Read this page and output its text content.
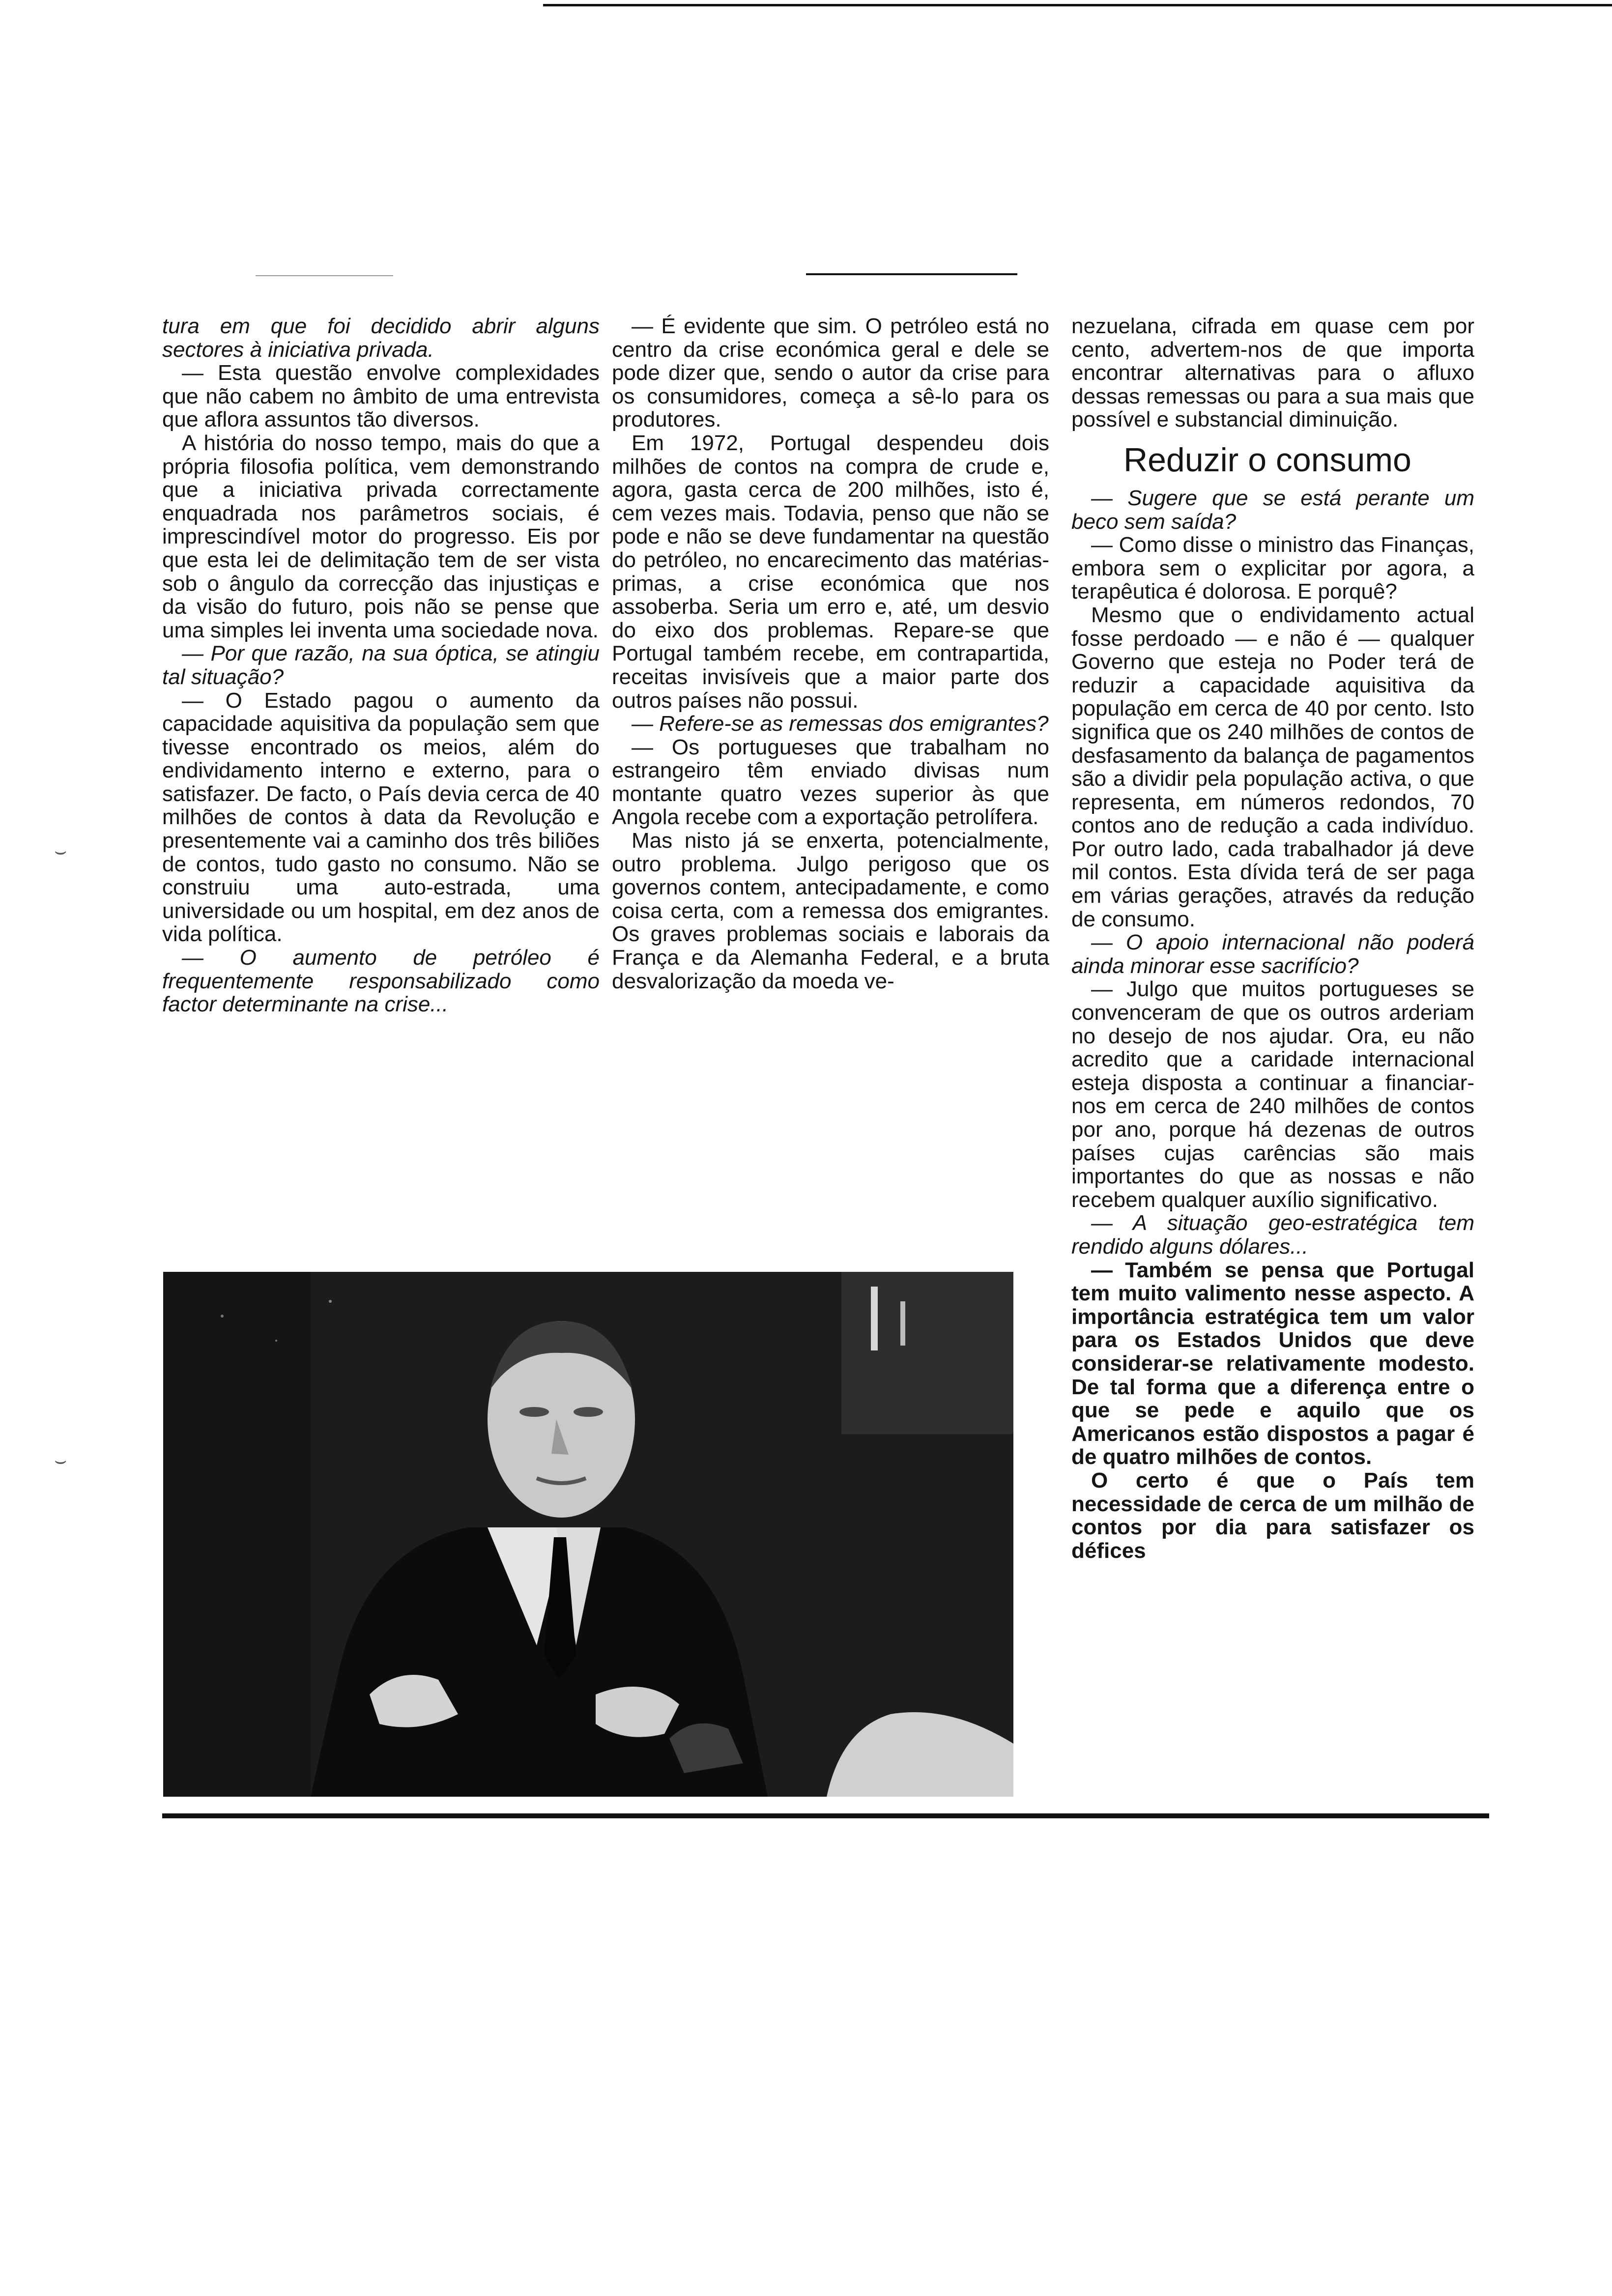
⌣
⌣

tura em que foi decidido abrir alguns sectores à iniciativa privada.

— Esta questão envolve complexidades que não cabem no âmbito de uma entrevista que aflora assuntos tão diversos.

A história do nosso tempo, mais do que a própria filosofia política, vem demonstrando que a iniciativa privada correctamente enquadrada nos parâmetros sociais, é imprescindível motor do progresso. Eis por que esta lei de delimitação tem de ser vista sob o ângulo da correcção das injustiças e da visão do futuro, pois não se pense que uma simples lei inventa uma sociedade nova.

— Por que razão, na sua óptica, se atingiu tal situação?

— O Estado pagou o aumento da capacidade aquisitiva da população sem que tivesse encontrado os meios, além do endividamento interno e externo, para o satisfazer. De facto, o País devia cerca de 40 milhões de contos à data da Revolução e presentemente vai a caminho dos três biliões de contos, tudo gasto no consumo. Não se construiu uma auto-estrada, uma universidade ou um hospital, em dez anos de vida política.

— O aumento de petróleo é frequentemente responsabilizado como factor determinante na crise...

— É evidente que sim. O petróleo está no centro da crise económica geral e dele se pode dizer que, sendo o autor da crise para os consumidores, começa a sê-lo para os produtores.

Em 1972, Portugal despendeu dois milhões de contos na compra de crude e, agora, gasta cerca de 200 milhões, isto é, cem vezes mais. Todavia, penso que não se pode e não se deve fundamentar na questão do petróleo, no encarecimento das matérias-primas, a crise económica que nos assoberba. Seria um erro e, até, um desvio do eixo dos problemas. Repare-se que Portugal também recebe, em contrapartida, receitas invisíveis que a maior parte dos outros países não possui.

— Refere-se as remessas dos emigrantes?

— Os portugueses que trabalham no estrangeiro têm enviado divisas num montante quatro vezes superior às que Angola recebe com a exportação petrolífera.

Mas nisto já se enxerta, potencialmente, outro problema. Julgo perigoso que os governos contem, antecipadamente, e como coisa certa, com a remessa dos emigrantes. Os graves problemas sociais e laborais da França e da Alemanha Federal, e a bruta desvalorização da moeda ve-

nezuelana, cifrada em quase cem por cento, advertem-nos de que importa encontrar alternativas para o afluxo dessas remessas ou para a sua mais que possível e substancial diminuição.

Reduzir o consumo

— Sugere que se está perante um beco sem saída?

— Como disse o ministro das Finanças, embora sem o explicitar por agora, a terapêutica é dolorosa. E porquê?

Mesmo que o endividamento actual fosse perdoado — e não é — qualquer Governo que esteja no Poder terá de reduzir a capacidade aquisitiva da população em cerca de 40 por cento. Isto significa que os 240 milhões de contos de desfasamento da balança de pagamentos são a dividir pela população activa, o que representa, em números redondos, 70 contos ano de redução a cada indivíduo. Por outro lado, cada trabalhador já deve mil contos. Esta dívida terá de ser paga em várias gerações, através da redução de consumo.

— O apoio internacional não poderá ainda minorar esse sacrifício?

— Julgo que muitos portugueses se convenceram de que os outros arderiam no desejo de nos ajudar. Ora, eu não acredito que a caridade internacional esteja disposta a continuar a financiar-nos em cerca de 240 milhões de contos por ano, porque há dezenas de outros países cujas carências são mais importantes do que as nossas e não recebem qualquer auxílio significativo.

— A situação geo-estratégica tem rendido alguns dólares...

— Também se pensa que Portugal tem muito valimento nesse aspecto. A importância estratégica tem um valor para os Estados Unidos que deve considerar-se relativamente modesto. De tal forma que a diferença entre o que se pede e aquilo que os Americanos estão dispostos a pagar é de quatro milhões de contos.

O certo é que o País tem necessidade de cerca de um milhão de contos por dia para satisfazer os défices
